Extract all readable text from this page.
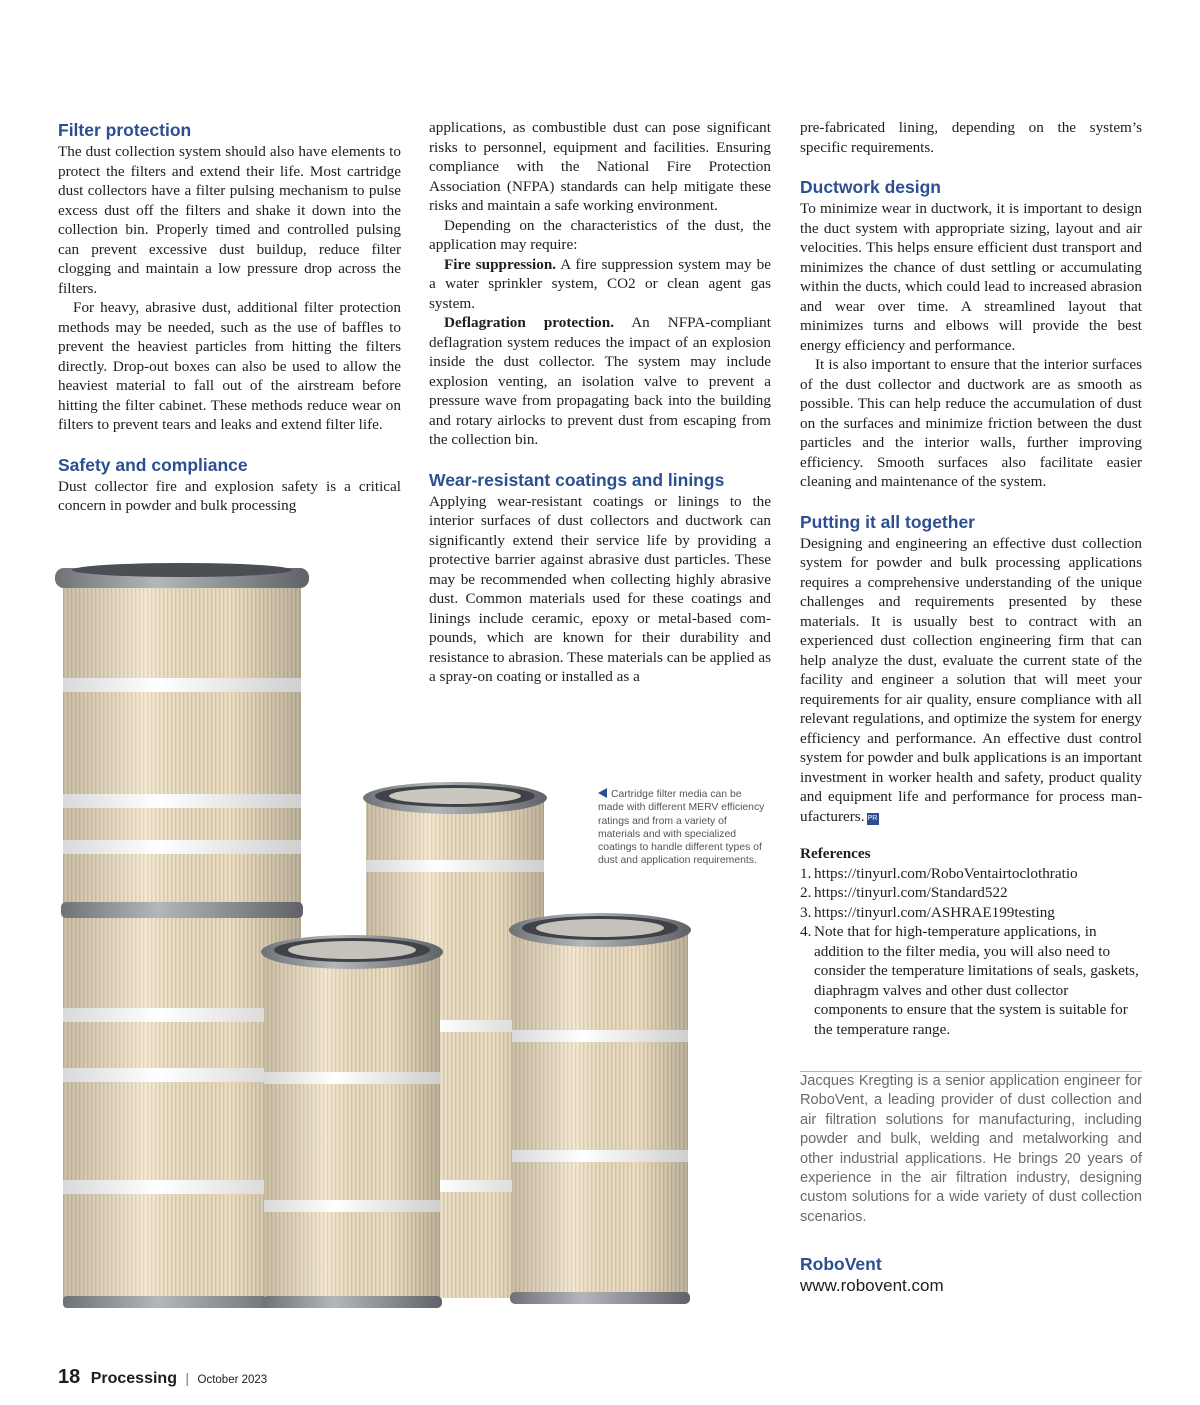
Filter protection

The dust collection system should also have elements to protect the filters and extend their life. Most cartridge dust collectors have a filter pulsing mechanism to pulse excess dust off the filters and shake it down into the collection bin. Properly timed and controlled pulsing can prevent excessive dust buildup, reduce filter clogging and maintain a low pressure drop across the filters.

For heavy, abrasive dust, additional filter protection methods may be needed, such as the use of baffles to prevent the heaviest particles from hitting the filters directly. Drop-out boxes can also be used to allow the heaviest material to fall out of the airstream before hitting the filter cabinet. These methods reduce wear on filters to prevent tears and leaks and extend filter life.

Safety and compliance

Dust collector fire and explosion safety is a critical concern in powder and bulk processing

applications, as combustible dust can pose significant risks to personnel, equipment and facilities. Ensuring compliance with the National Fire Protection Association (NFPA) standards can help mitigate these risks and maintain a safe working environment.

Depending on the characteristics of the dust, the application may require:

Fire suppression. A fire suppression system may be a water sprinkler system, CO2 or clean agent gas system.

Deflagration protection. An NFPA-compliant deflagration system reduces the impact of an explosion inside the dust collector. The system may include explosion venting, an isolation valve to prevent a pressure wave from propagating back into the building and rotary airlocks to prevent dust from escaping from the collection bin.

Wear-resistant coatings and linings

Applying wear-resistant coatings or linings to the interior surfaces of dust collectors and ductwork can significantly extend their service life by providing a protective barrier against abrasive dust particles. These may be recommended when collecting highly abrasive dust. Common materials used for these coatings and linings include ceramic, epoxy or metal-based compounds, which are known for their durability and resistance to abrasion. These materials can be applied as a spray-on coating or installed as a

pre-fabricated lining, depending on the system’s specific requirements.

Ductwork design

To minimize wear in ductwork, it is important to design the duct system with appropriate sizing, layout and air velocities. This helps ensure efficient dust transport and minimizes the chance of dust settling or accumulating within the ducts, which could lead to increased abrasion and wear over time. A streamlined layout that minimizes turns and elbows will provide the best energy efficiency and performance.

It is also important to ensure that the interior surfaces of the dust collector and ductwork are as smooth as possible. This can help reduce the accumulation of dust on the surfaces and minimize friction between the dust particles and the interior walls, further improving efficiency. Smooth surfaces also facilitate easier cleaning and maintenance of the system.

Putting it all together

Designing and engineering an effective dust collection system for powder and bulk processing applications requires a comprehensive understanding of the unique challenges and requirements presented by these materials. It is usually best to contract with an experienced dust collection engineering firm that can help analyze the dust, evaluate the current state of the facility and engineer a solution that will meet your requirements for air quality, ensure compliance with all relevant regulations, and optimize the system for energy efficiency and performance. An effective dust control system for powder and bulk applications is an important investment in worker health and safety, product quality and equipment life and performance for process manufacturers. PR

References
1. https://tinyurl.com/RoboVentairtoclothratio
2. https://tinyurl.com/Standard522
3. https://tinyurl.com/ASHRAE199testing
4. Note that for high-temperature applications, in addition to the filter media, you will also need to consider the temperature limitations of seals, gaskets, diaphragm valves and other dust collector components to ensure that the system is suitable for the temperature range.

Jacques Kregting is a senior application engineer for RoboVent, a leading provider of dust collection and air filtration solutions for manufacturing, including powder and bulk, welding and metalworking and other industrial applications. He brings 20 years of experience in the air filtration industry, designing custom solutions for a wide variety of dust collection scenarios.

RoboVent
www.robovent.com
Cartridge filter media can be made with different MERV efficiency ratings and from a variety of materials and with specialized coatings to handle different types of dust and application requirements.
18 Processing | October 2023
